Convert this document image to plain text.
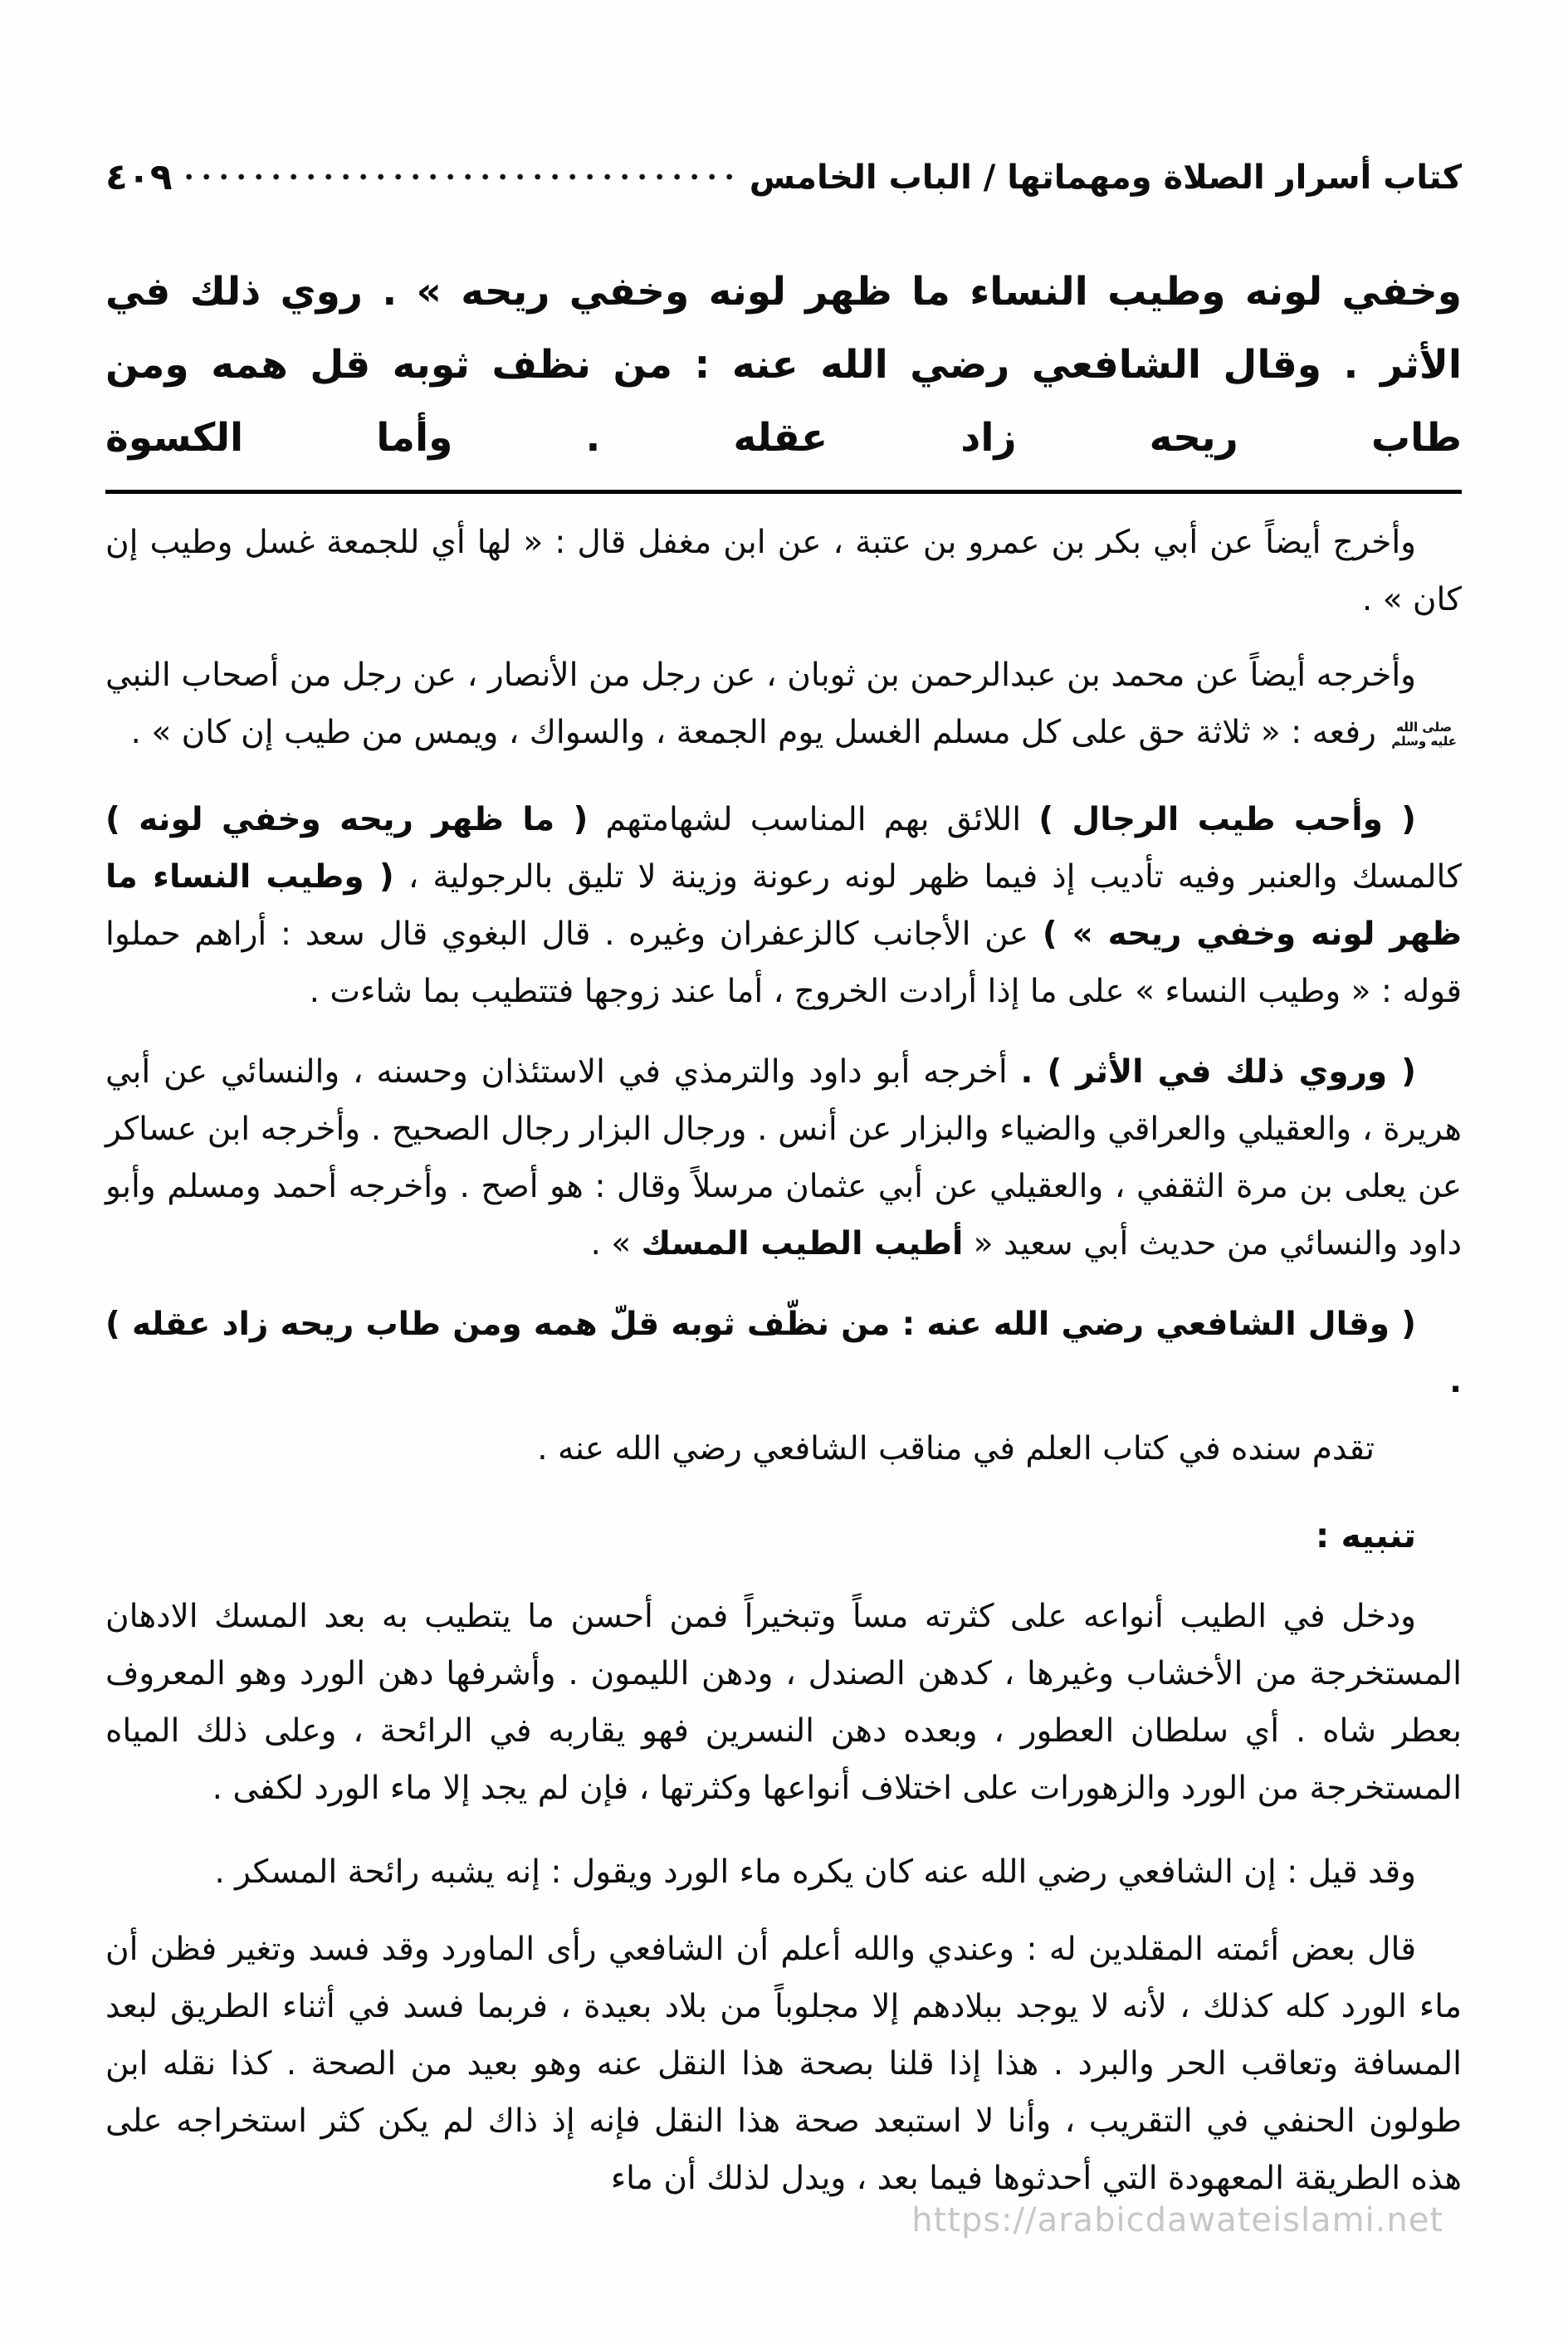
كتاب أسرار الصلاة ومهماتها / الباب الخامس
٤٠٩
وخفي لونه وطيب النساء ما ظهر لونه وخفي ريحه » . روي ذلك في الأثر . وقال الشافعي رضي الله عنه : من نظف ثوبه قل همه ومن طاب ريحه زاد عقله . وأما الكسوة

وأخرج أيضاً عن أبي بكر بن عمرو بن عتبة ، عن ابن مغفل قال : « لها أي للجمعة غسل وطيب إن كان » .

وأخرجه أيضاً عن محمد بن عبدالرحمن بن ثوبان ، عن رجل من الأنصار ، عن رجل من أصحاب النبي
صلى الله
عليه وسلم
رفعه : « ثلاثة حق على كل مسلم الغسل يوم الجمعة ، والسواك ، ويمس من طيب إن كان » .

( وأحب طيب الرجال ) اللائق بهم المناسب لشهامتهم ( ما ظهر ريحه وخفي لونه ) كالمسك والعنبر وفيه تأديب إذ فيما ظهر لونه رعونة وزينة لا تليق بالرجولية ، ( وطيب النساء ما ظهر لونه وخفي ريحه » ) عن الأجانب كالزعفران وغيره . قال البغوي قال سعد : أراهم حملوا قوله : « وطيب النساء » على ما إذا أرادت الخروج ، أما عند زوجها فتتطيب بما شاءت .

( وروي ذلك في الأثر ) . أخرجه أبو داود والترمذي في الاستئذان وحسنه ، والنسائي عن أبي هريرة ، والعقيلي والعراقي والضياء والبزار عن أنس . ورجال البزار رجال الصحيح . وأخرجه ابن عساكر عن يعلى بن مرة الثقفي ، والعقيلي عن أبي عثمان مرسلاً وقال : هو أصح . وأخرجه أحمد ومسلم وأبو داود والنسائي من حديث أبي سعيد « أطيب الطيب المسك » .

( وقال الشافعي رضي الله عنه : من نظّف ثوبه قلّ همه ومن طاب ريحه زاد عقله ) .

تقدم سنده في كتاب العلم في مناقب الشافعي رضي الله عنه .

تنبيه :

ودخل في الطيب أنواعه على كثرته مساً وتبخيراً فمن أحسن ما يتطيب به بعد المسك الادهان المستخرجة من الأخشاب وغيرها ، كدهن الصندل ، ودهن الليمون . وأشرفها دهن الورد وهو المعروف بعطر شاه . أي سلطان العطور ، وبعده دهن النسرين فهو يقاربه في الرائحة ، وعلى ذلك المياه المستخرجة من الورد والزهورات على اختلاف أنواعها وكثرتها ، فإن لم يجد إلا ماء الورد لكفى .

وقد قيل : إن الشافعي رضي الله عنه كان يكره ماء الورد ويقول : إنه يشبه رائحة المسكر .

قال بعض أئمته المقلدين له : وعندي والله أعلم أن الشافعي رأى الماورد وقد فسد وتغير فظن أن ماء الورد كله كذلك ، لأنه لا يوجد ببلادهم إلا مجلوباً من بلاد بعيدة ، فربما فسد في أثناء الطريق لبعد المسافة وتعاقب الحر والبرد . هذا إذا قلنا بصحة هذا النقل عنه وهو بعيد من الصحة . كذا نقله ابن طولون الحنفي في التقريب ، وأنا لا استبعد صحة هذا النقل فإنه إذ ذاك لم يكن كثر استخراجه على هذه الطريقة المعهودة التي أحدثوها فيما بعد ، ويدل لذلك أن ماء

https://arabicdawateislami.net
